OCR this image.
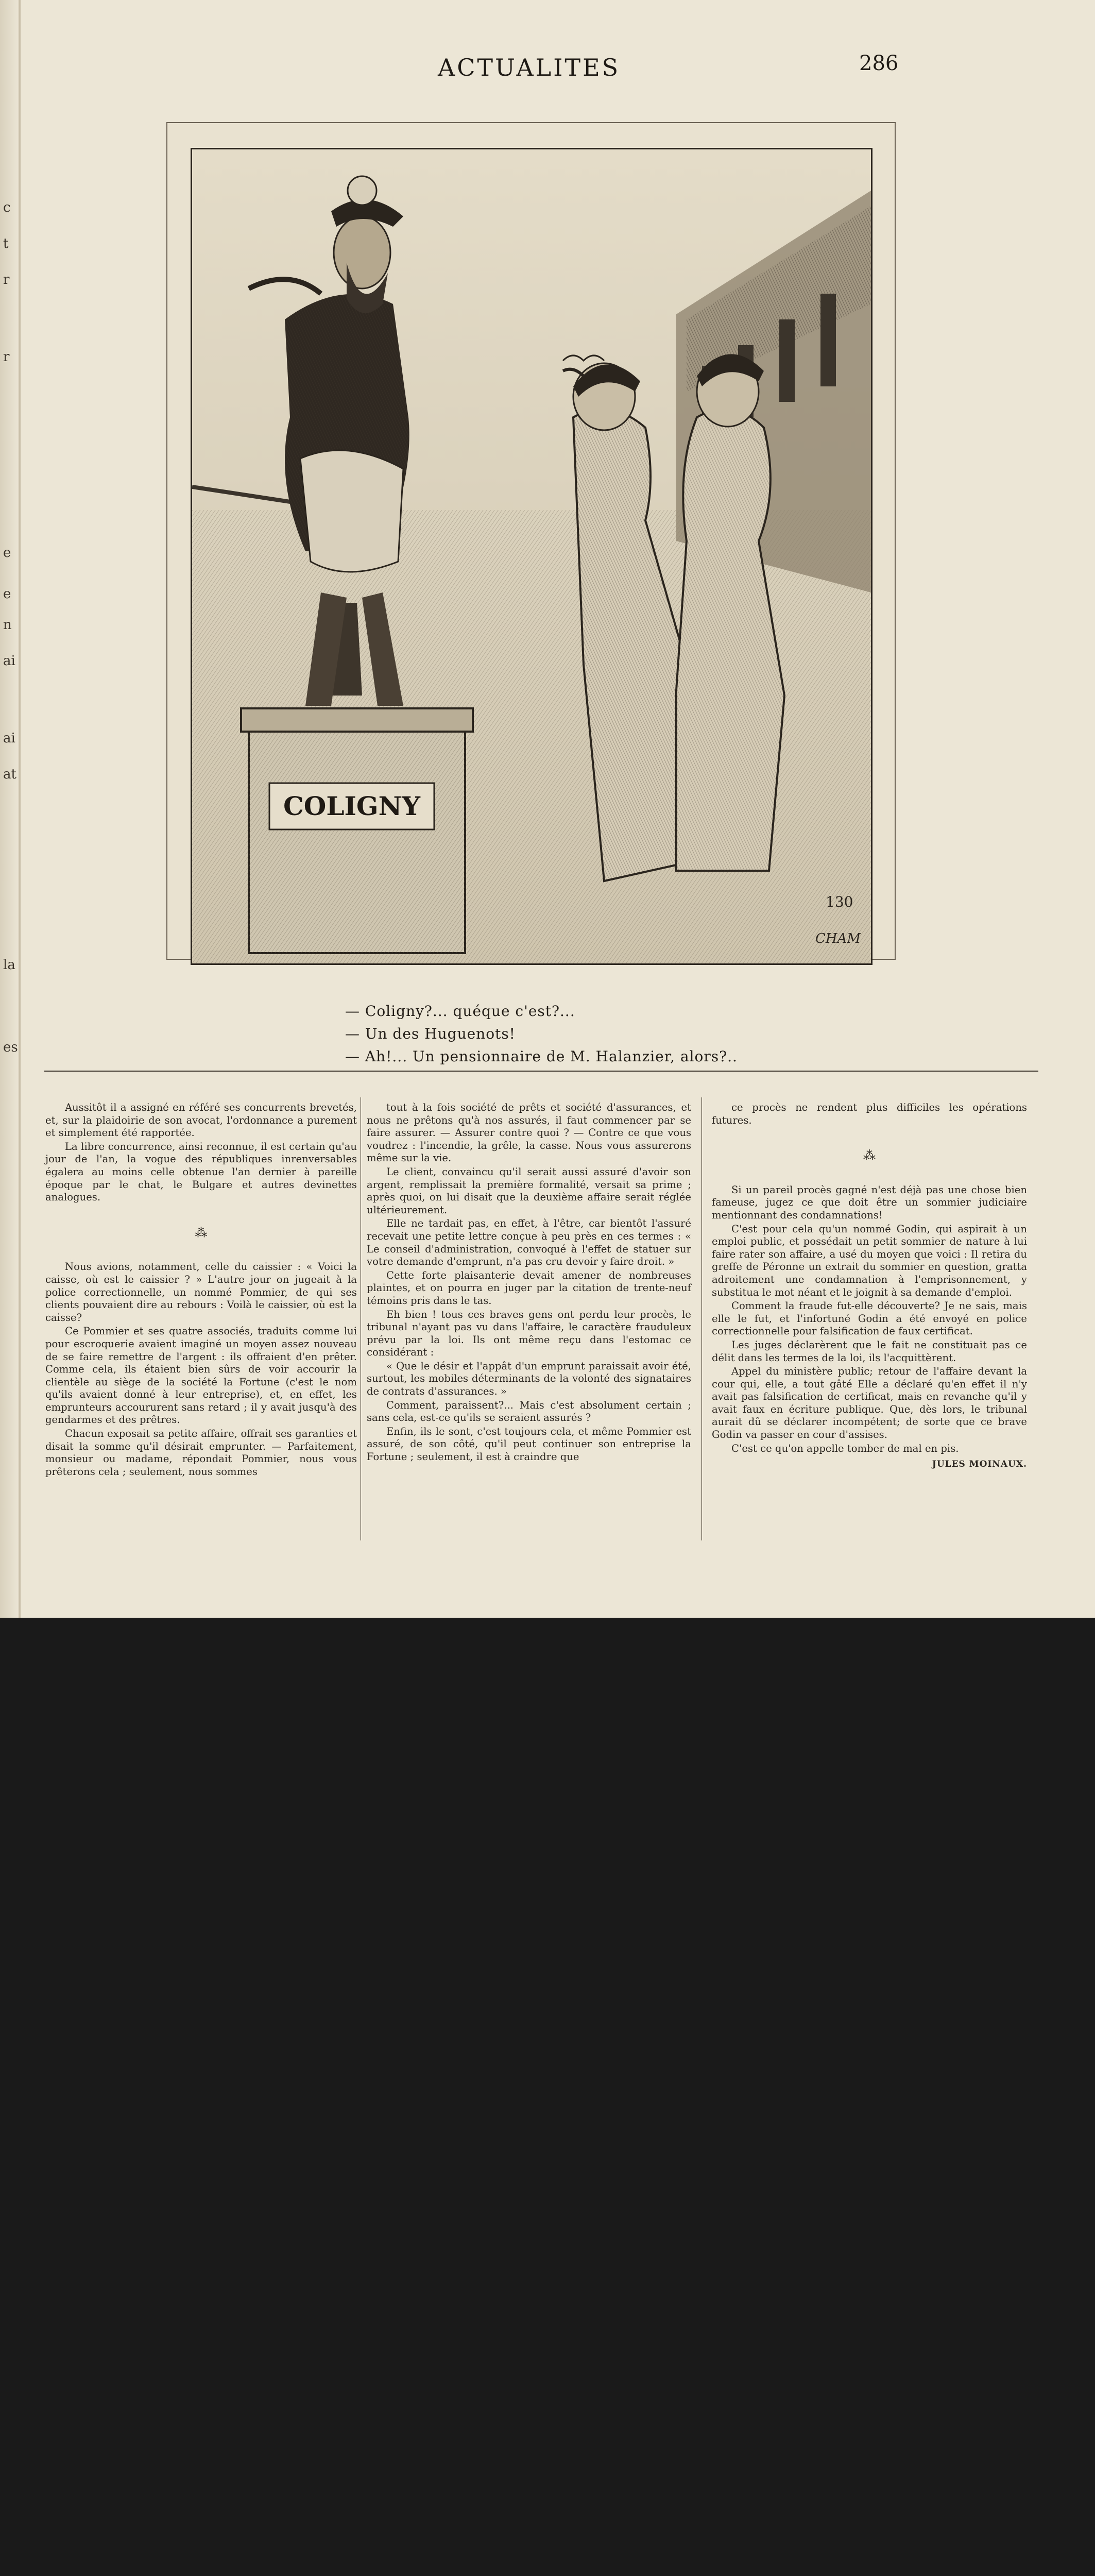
c
t
r
r
e
e
n
ai
ai
at
la
es
ACTUALITES	286
COLIGNY
130
CHAM
— Coligny?... quéque c'est?...
— Un des Huguenots!
— Ah!... Un pensionnaire de M. Halanzier, alors?..

Aussitôt il a assigné en référé ses concurrents brevetés, et, sur la plaidoirie de son avocat, l'ordonnance a purement et simplement été rapportée.

La libre concurrence, ainsi reconnue, il est certain qu'au jour de l'an, la vogue des républiques inrenversables égalera au moins celle obtenue l'an dernier à pareille époque par le chat, le Bulgare et autres devinettes analogues.

⁂

Nous avions, notamment, celle du caissier : « Voici la caisse, où est le caissier ? » L'autre jour on jugeait à la police correctionnelle, un nommé Pommier, de qui ses clients pouvaient dire au rebours : Voilà le caissier, où est la caisse?

Ce Pommier et ses quatre associés, traduits comme lui pour escroquerie avaient imaginé un moyen assez nouveau de se faire remettre de l'argent : ils offraient d'en prêter. Comme cela, ils étaient bien sûrs de voir accourir la clientèle au siège de la société la Fortune (c'est le nom qu'ils avaient donné à leur entreprise), et, en effet, les emprunteurs accoururent sans retard ; il y avait jusqu'à des gendarmes et des prêtres.

Chacun exposait sa petite affaire, offrait ses garanties et disait la somme qu'il désirait emprunter. — Parfaitement, monsieur ou madame, répondait Pommier, nous vous prêterons cela ; seulement, nous sommes

tout à la fois société de prêts et société d'assurances, et nous ne prêtons qu'à nos assurés, il faut commencer par se faire assurer. — Assurer contre quoi ? — Contre ce que vous voudrez : l'incendie, la grêle, la casse. Nous vous assurerons même sur la vie.

Le client, convaincu qu'il serait aussi assuré d'avoir son argent, remplissait la première formalité, versait sa prime ; après quoi, on lui disait que la deuxième affaire serait réglée ultérieurement.

Elle ne tardait pas, en effet, à l'être, car bientôt l'assuré recevait une petite lettre conçue à peu près en ces termes : « Le conseil d'administration, convoqué à l'effet de statuer sur votre demande d'emprunt, n'a pas cru devoir y faire droit. »

Cette forte plaisanterie devait amener de nombreuses plaintes, et on pourra en juger par la citation de trente-neuf témoins pris dans le tas.

Eh bien ! tous ces braves gens ont perdu leur procès, le tribunal n'ayant pas vu dans l'affaire, le caractère frauduleux prévu par la loi. Ils ont même reçu dans l'estomac ce considérant :

« Que le désir et l'appât d'un emprunt paraissait avoir été, surtout, les mobiles déterminants de la volonté des signataires de contrats d'assurances. »

Comment, paraissent?... Mais c'est absolument certain ; sans cela, est-ce qu'ils se seraient assurés ?

Enfin, ils le sont, c'est toujours cela, et même Pommier est assuré, de son côté, qu'il peut continuer son entreprise la Fortune ; seulement, il est à craindre que

ce procès ne rendent plus difficiles les opérations futures.

⁂

Si un pareil procès gagné n'est déjà pas une chose bien fameuse, jugez ce que doit être un sommier judiciaire mentionnant des condamnations!

C'est pour cela qu'un nommé Godin, qui aspirait à un emploi public, et possédait un petit sommier de nature à lui faire rater son affaire, a usé du moyen que voici : Il retira du greffe de Péronne un extrait du sommier en question, gratta adroitement une condamnation à l'emprisonnement, y substitua le mot néant et le joignit à sa demande d'emploi.

Comment la fraude fut-elle découverte? Je ne sais, mais elle le fut, et l'infortuné Godin a été envoyé en police correctionnelle pour falsification de faux certificat.

Les juges déclarèrent que le fait ne constituait pas ce délit dans les termes de la loi, ils l'acquittèrent.

Appel du ministère public; retour de l'affaire devant la cour qui, elle, a tout gâté Elle a déclaré qu'en effet il n'y avait pas falsification de certificat, mais en revanche qu'il y avait faux en écriture publique. Que, dès lors, le tribunal aurait dû se déclarer incompétent; de sorte que ce brave Godin va passer en cour d'assises.

C'est ce qu'on appelle tomber de mal en pis.

JULES MOINAUX.
